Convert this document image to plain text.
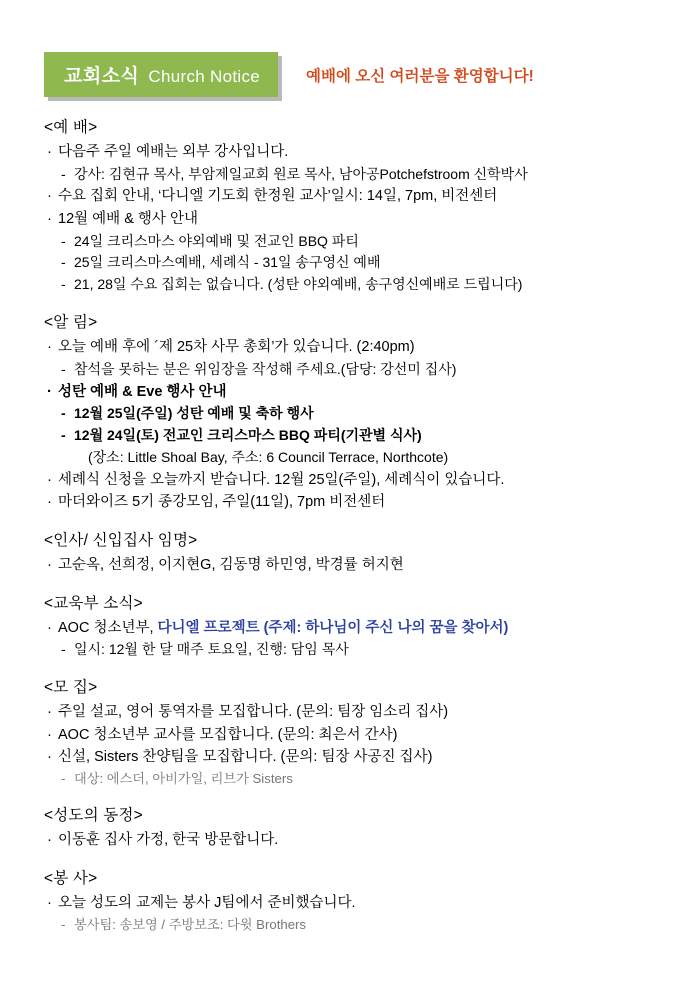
교회소식 Church Notice	예배에 오신 여러분을 환영합니다!
<예 배>
· 다음주 주일 예배는 외부 강사입니다.
- 강사: 김현규 목사, 부암제일교회 원로 목사, 남아공Potchefstroom 신학박사
· 수요 집회 안내, ‘다니엘 기도회 한정원 교사’일시: 14일, 7pm, 비전센터
· 12월 예배 & 행사 안내
- 24일 크리스마스 야외예배 및 전교인 BBQ 파티
- 25일 크리스마스예배, 세례식 - 31일 송구영신 예배
- 21, 28일 수요 집회는 없습니다. (성탄 야외예배, 송구영신예배로 드립니다)
<알 림>
· 오늘 예배 후에 ´제 25차 사무 총회’가 있습니다. (2:40pm)
- 참석을 못하는 분은 위임장을 작성해 주세요.(담당: 강선미 집사)
· 성탄 예배 & Eve 행사 안내
- 12월 25일(주일) 성탄 예배 및 축하 행사
- 12월 24일(토) 전교인 크리스마스 BBQ 파티(기관별 식사)
(장소: Little Shoal Bay, 주소: 6 Council Terrace, Northcote)
· 세례식 신청을 오늘까지 받습니다. 12월 25일(주일), 세례식이 있습니다.
· 마더와이즈 5기 종강모임, 주일(11일), 7pm 비전센터
<인사/ 신입집사 임명>
· 고순옥, 선희정, 이지현G, 김동명 하민영, 박경률 허지현
<교욱부 소식>
· AOC 청소년부, 다니엘 프로젝트 (주제: 하나님이 주신 나의 꿈을 찾아서)
- 일시: 12월 한 달 매주 토요일, 진행: 담임 목사
<모 집>
· 주일 설교, 영어 통역자를 모집합니다. (문의: 팀장 임소리 집사)
· AOC 청소년부 교사를 모집합니다. (문의: 최은서 간사)
· 신설, Sisters 찬양팀을 모집합니다. (문의: 팀장 사공진 집사)
- 대상: 에스더, 아비가일, 리브가 Sisters
<성도의 동정>
· 이동훈 집사 가정, 한국 방문합니다.
<봉 사>
· 오늘 성도의 교제는 봉사 J팀에서 준비했습니다.
- 봉사팀: 송보영 / 주방보조: 다윗 Brothers
